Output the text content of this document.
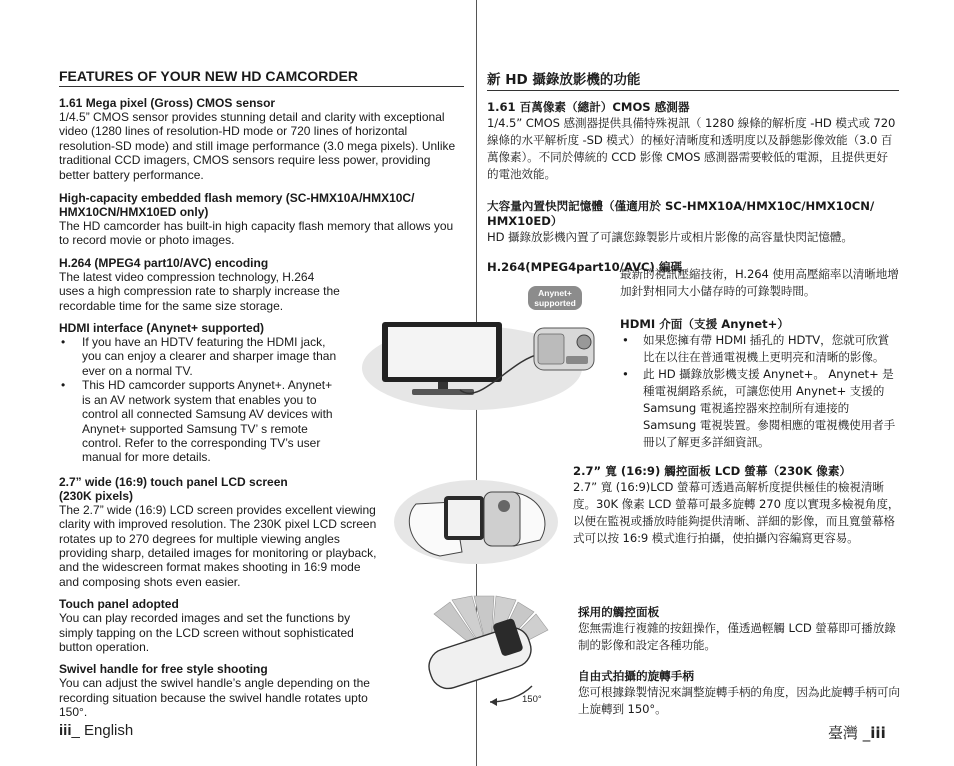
FEATURES OF YOUR NEW HD CAMCORDER
1.61 Mega pixel (Gross) CMOS sensor
1/4.5” CMOS sensor provides stunning detail and clarity with exceptional video (1280 lines of resolution-HD mode or 720 lines of horizontal resolution-SD mode) and still image performance (3.0 mega pixels). Unlike traditional CCD imagers, CMOS sensors require less power, providing better battery performance.
High-capacity embedded flash memory (SC-HMX10A/HMX10C/ HMX10CN/HMX10ED only)
The HD camcorder has built-in high capacity flash memory that allows you to record movie or photo images.
H.264 (MPEG4 part10/AVC) encoding
The latest video compression technology, H.264 uses a high compression rate to sharply increase the recordable time for the same size storage.
HDMI interface (Anynet+ supported)
• If you have an HDTV featuring the HDMI jack, you can enjoy a clearer and sharper image than ever on a normal TV.
• This HD camcorder supports Anynet+. Anynet+ is an AV network system that enables you to control all connected Samsung AV devices with Anynet+ supported Samsung TV’ s remote control. Refer to the corresponding TV’s user manual for more details.
2.7” wide (16:9) touch panel LCD screen (230K pixels)
The 2.7” wide (16:9) LCD screen provides excellent viewing clarity with improved resolution. The 230K pixel LCD screen rotates up to 270 degrees for multiple viewing angles providing sharp, detailed images for monitoring or playback, and the widescreen format makes shooting in 16:9 mode and composing shots even easier.
Touch panel adopted
You can play recorded images and set the functions by simply tapping on the LCD screen without sophisticated button operation.
Swivel handle for free style shooting
You can adjust the swivel handle’s angle depending on the recording situation because the swivel handle rotates upto 150°.
新 HD 攝錄放影機的功能
1.61 百萬像素（總計）CMOS 感測器
1/4.5” CMOS 感測器提供具備特殊視訊（ 1280 線條的解析度 -HD 模式或 720 線條的水平解析度 -SD 模式）的極好清晰度和透明度以及靜態影像效能（3.0 百萬像素）。不同於傳統的 CCD 影像 CMOS 感測器需要較低的電源，且提供更好的電池效能。
大容量內置快閃記憶體（僅適用於 SC-HMX10A/HMX10C/HMX10CN/ HMX10ED）
HD 攝錄放影機內置了可讓您錄製影片或相片影像的高容量快閃記憶體。
H.264(MPEG4part10/AVC) 編碼
最新的視訊壓縮技術，H.264 使用高壓縮率以清晰地增加針對相同大小儲存時的可錄製時間。
HDMI 介面（支援 Anynet+）
• 如果您擁有帶 HDMI 插孔的 HDTV，您就可欣賞比在以往在普通電視機上更明亮和清晰的影像。
• 此 HD 攝錄放影機支援 Anynet+。 Anynet+ 是種電視網路系統，可讓您使用 Anynet+ 支援的 Samsung 電視遙控器來控制所有連接的 Samsung 電視裝置。參閱相應的電視機使用者手冊以了解更多詳細資訊。
2.7” 寬 (16:9) 觸控面板 LCD 螢幕（230K 像素）
2.7” 寬 (16:9)LCD 螢幕可透過高解析度提供極佳的檢視清晰度。30K 像素 LCD 螢幕可最多旋轉 270 度以實現多檢視角度，以便在監視或播放時能夠提供清晰、詳細的影像，而且寬螢幕格式可以按 16:9 模式進行拍攝，使拍攝內容編寫更容易。
採用的觸控面板
您無需進行複雜的按鈕操作，僅透過輕觸 LCD 螢幕即可播放錄制的影像和設定各種功能。
自由式拍攝的旋轉手柄
您可根據錄製情況來調整旋轉手柄的角度，因為此旋轉手柄可向上旋轉到 150°。
Anynet+
supported
150°
iii_ English	臺灣 _iii
